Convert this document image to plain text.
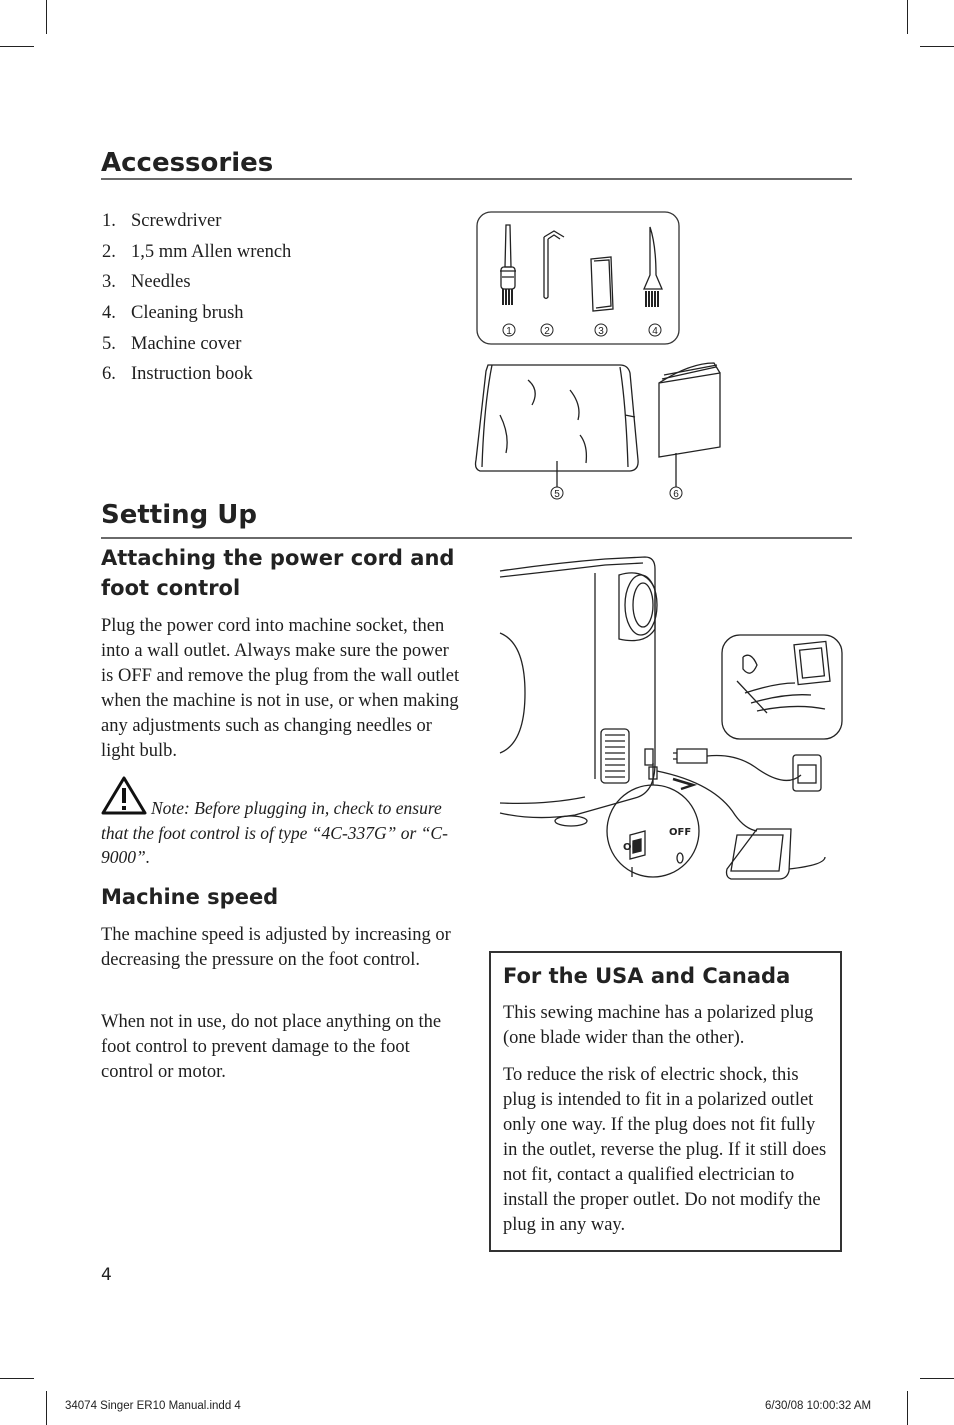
Accessories
1. Screwdriver
2. 1,5 mm Allen wrench
3. Needles
4. Cleaning brush
5. Machine cover
6. Instruction book
1	2	3	4
5	6
Setting Up
Attaching the power cord and
foot control
Plug the power cord into machine socket, then into a wall outlet. Always make sure the power is OFF and remove the plug from the wall outlet when the machine is not in use, or when making any adjustments such as changing needles or light bulb.
Note: Before plugging in, check to ensure that the foot control is of type “4C-337G” or “C-9000”.
Machine speed
The machine speed is adjusted by increasing or decreasing the pressure on the foot control.
When not in use, do not place anything on the foot control to prevent damage to the foot control or motor.
ON
OFF
For the USA and Canada
This sewing machine has a polarized plug (one blade wider than the other).
To reduce the risk of electric shock, this plug is intended to fit in a polarized outlet only one way. If the plug does not fit fully in the outlet, reverse the plug. If it still does not fit, contact a qualified electrician to install the proper outlet. Do not modify the plug in any way.
4
34074 Singer ER10 Manual.indd 4	6/30/08 10:00:32 AM
